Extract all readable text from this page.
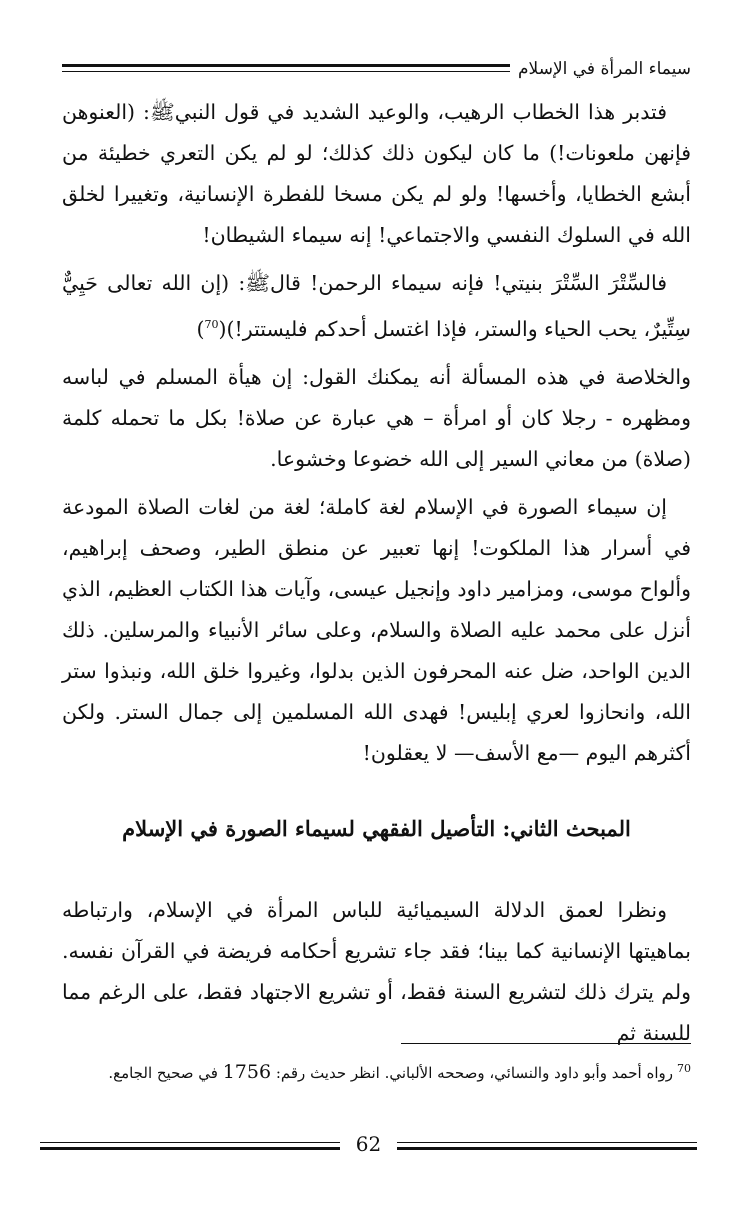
سيماء المرأة في الإسلام

فتدبر هذا الخطاب الرهيب، والوعيد الشديد في قول النبيﷺ: (العنوهن فإنهن ملعونات!) ما كان ليكون ذلك كذلك؛ لو لم يكن التعري خطيئة من أبشع الخطايا، وأخسها! ولو لم يكن مسخا للفطرة الإنسانية، وتغييرا لخلق الله في السلوك النفسي والاجتماعي! إنه سيماء الشيطان!

فالسِّتْرَ السِّتْرَ بنيتي! فإنه سيماء الرحمن! قالﷺ: (إن الله تعالى حَيِيٌّ سِتِّيرٌ، يحب الحياء والستر، فإذا اغتسل أحدكم فليستتر!)($^{70}$)

والخلاصة في هذه المسألة أنه يمكنك القول: إن هيأة المسلم في لباسه ومظهره - رجلا كان أو امرأة – هي عبارة عن صلاة! بكل ما تحمله كلمة (صلاة) من معاني السير إلى الله خضوعا وخشوعا.

إن سيماء الصورة في الإسلام لغة كاملة؛ لغة من لغات الصلاة المودعة في أسرار هذا الملكوت! إنها تعبير عن منطق الطير، وصحف إبراهيم، وألواح موسى، ومزامير داود وإنجيل عيسى، وآيات هذا الكتاب العظيم، الذي أنزل على محمد عليه الصلاة والسلام، وعلى سائر الأنبياء والمرسلين. ذلك الدين الواحد، ضل عنه المحرفون الذين بدلوا، وغيروا خلق الله، ونبذوا ستر الله، وانحازوا لعري إبليس! فهدى الله المسلمين إلى جمال الستر. ولكن أكثرهم اليوم —مع الأسف— لا يعقلون!

المبحث الثاني: التأصيل الفقهي لسيماء الصورة في الإسلام

ونظرا لعمق الدلالة السيميائية للباس المرأة في الإسلام، وارتباطه بماهيتها الإنسانية كما بينا؛ فقد جاء تشريع أحكامه فريضة في القرآن نفسه. ولم يترك ذلك لتشريع السنة فقط، أو تشريع الاجتهاد فقط، على الرغم مما للسنة ثم

$^{70}$رواه أحمد وأبو داود والنسائي، وصححه الألباني. انظر حديث رقم: 1756 في صحيح الجامع.
62
